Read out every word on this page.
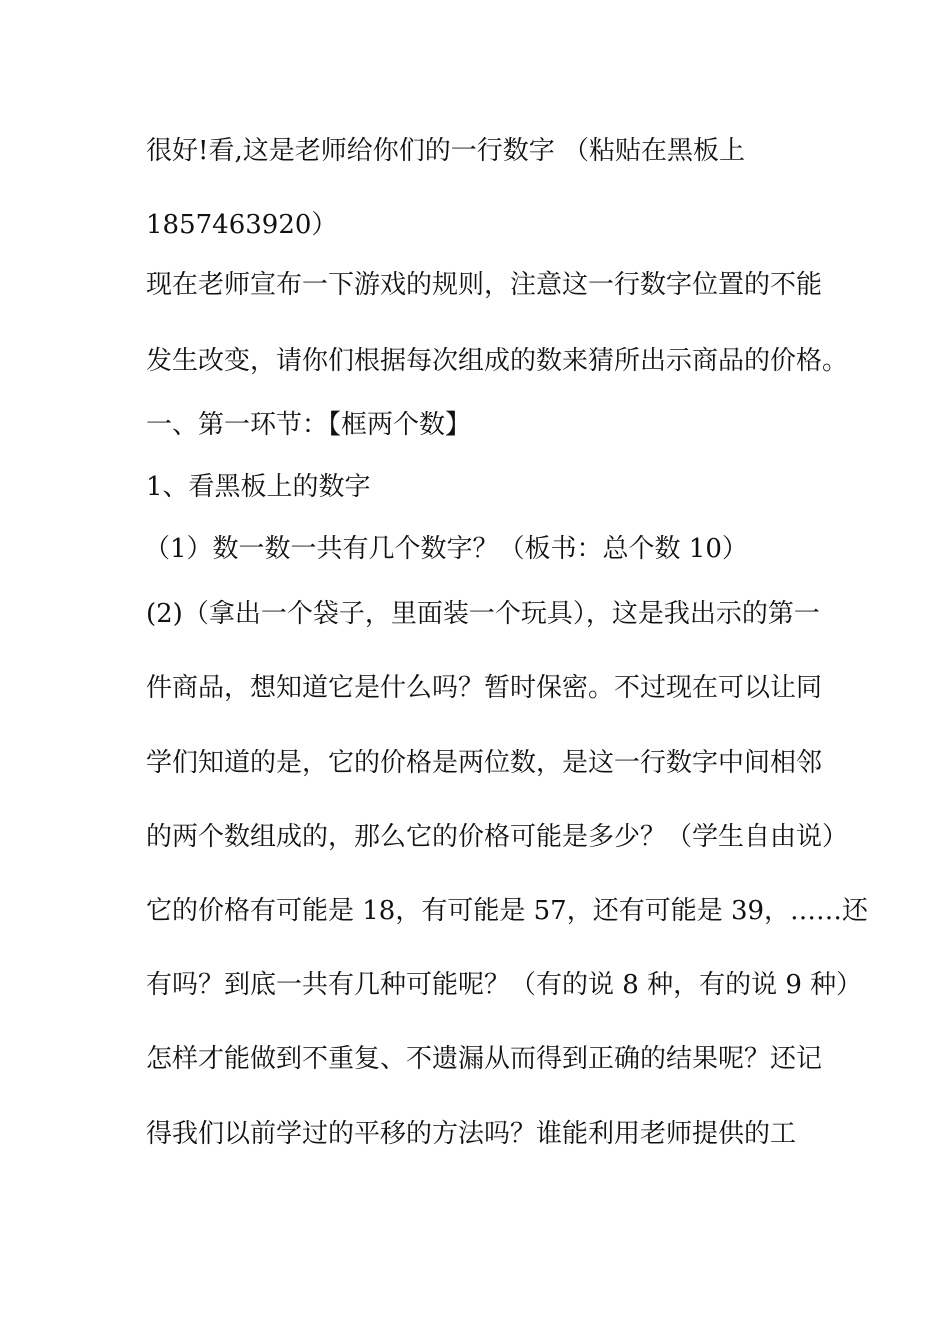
很好!看,这是老师给你们的一行数字 （粘贴在黑板上
1857463920）
现在老师宣布一下游戏的规则，注意这一行数字位置的不能
发生改变，请你们根据每次组成的数来猜所出示商品的价格。
一、第一环节：【框两个数】
1、看黑板上的数字
（1）数一数一共有几个数字？（板书：总个数 10）
(2)（拿出一个袋子，里面装一个玩具），这是我出示的第一
件商品，想知道它是什么吗？暂时保密。不过现在可以让同
学们知道的是，它的价格是两位数，是这一行数字中间相邻
的两个数组成的，那么它的价格可能是多少？（学生自由说）
它的价格有可能是 18，有可能是 57，还有可能是 39，……还
有吗？到底一共有几种可能呢？（有的说 8 种，有的说 9 种）
怎样才能做到不重复、不遗漏从而得到正确的结果呢？还记
得我们以前学过的平移的方法吗？谁能利用老师提供的工
